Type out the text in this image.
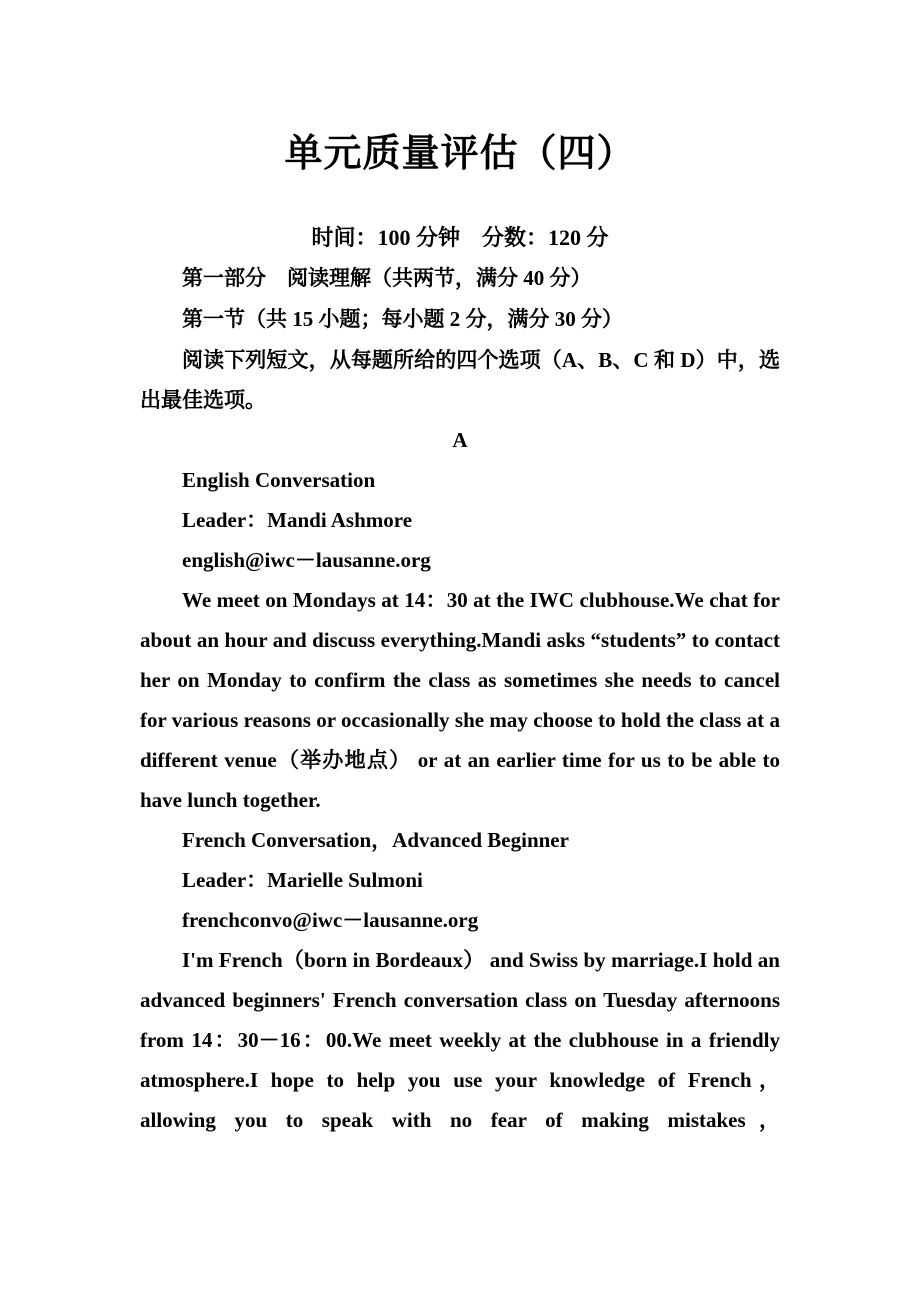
单元质量评估（四）

时间：100 分钟　分数：120 分

第一部分　阅读理解（共两节，满分 40 分）

第一节（共 15 小题；每小题 2 分，满分 30 分）

阅读下列短文，从每题所给的四个选项（A、B、C 和 D）中，选出最佳选项。

A

English Conversation

Leader：Mandi Ashmore

english@iwc－lausanne.org

We meet on Mondays at 14：30 at the IWC clubhouse.We chat for about an hour and discuss everything.Mandi asks “students” to contact her on Monday to confirm the class as sometimes she needs to cancel for various reasons or occasionally she may choose to hold the class at a different venue（举办地点） or at an earlier time for us to be able to have lunch together.

French Conversation，Advanced Beginner

Leader：Marielle Sulmoni

frenchconvo@iwc－lausanne.org

I'm French（born in Bordeaux） and Swiss by marriage.I hold an advanced beginners' French conversation class on Tuesday afternoons from 14：30－16：00.We meet weekly at the clubhouse in a friendly atmosphere.I hope to help you use your knowledge of French，allowing you to speak with no fear of making mistakes，
